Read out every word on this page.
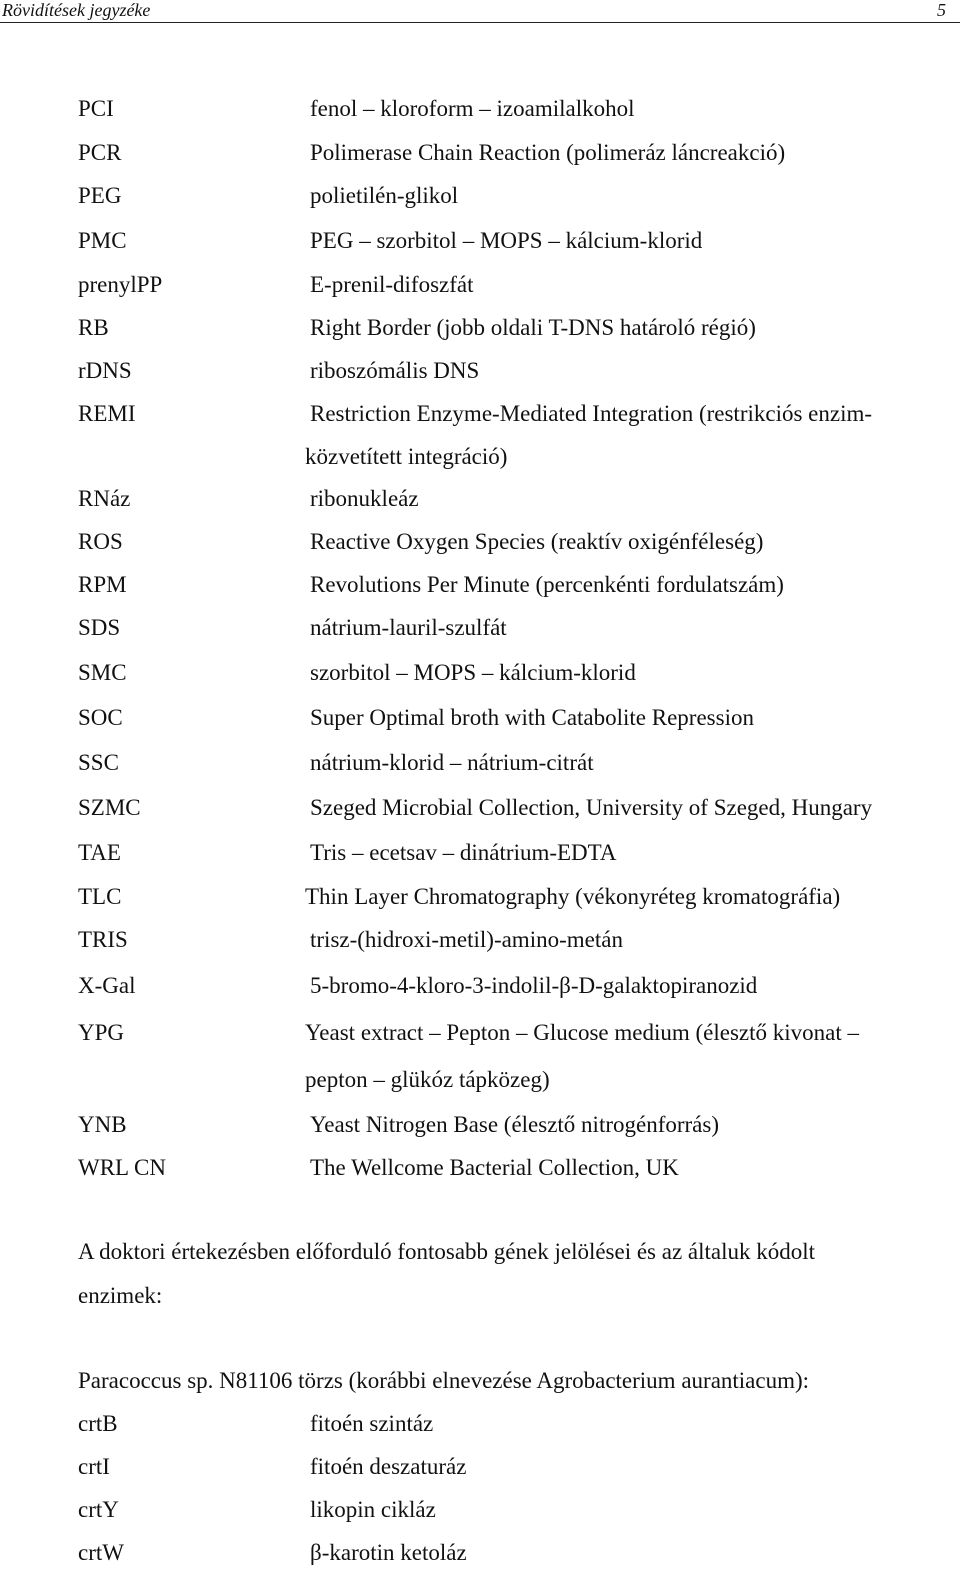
Rövidítések jegyzéke	5
PCI	fenol – kloroform – izoamilalkohol
PCR	Polimerase Chain Reaction (polimeráz láncreakció)
PEG	polietilén-glikol
PMC	PEG – szorbitol – MOPS – kálcium-klorid
prenylPP	E-prenil-difoszfát
RB	Right Border (jobb oldali T-DNS határoló régió)
rDNS	riboszómális DNS
REMI	Restriction Enzyme-Mediated Integration (restrikciós enzim-
közvetített integráció)
RNáz	ribonukleáz
ROS	Reactive Oxygen Species (reaktív oxigénféleség)
RPM	Revolutions Per Minute (percenkénti fordulatszám)
SDS	nátrium-lauril-szulfát
SMC	szorbitol – MOPS – kálcium-klorid
SOC	Super Optimal broth with Catabolite Repression
SSC	nátrium-klorid – nátrium-citrát
SZMC	Szeged Microbial Collection, University of Szeged, Hungary
TAE	Tris – ecetsav – dinátrium-EDTA
TLC	Thin Layer Chromatography (vékonyréteg kromatográfia)
TRIS	trisz-(hidroxi-metil)-amino-metán
X-Gal	5-bromo-4-kloro-3-indolil-β-D-galaktopiranozid
YPG	Yeast extract – Pepton – Glucose medium (élesztő kivonat –
pepton – glükóz tápközeg)
YNB	Yeast Nitrogen Base (élesztő nitrogénforrás)
WRL CN	The Wellcome Bacterial Collection, UK
A doktori értekezésben előforduló fontosabb gének jelölései és az általuk kódolt
enzimek:
Paracoccus sp. N81106 törzs (korábbi elnevezése Agrobacterium aurantiacum):
crtB	fitoén szintáz
crtI	fitoén deszaturáz
crtY	likopin cikláz
crtW	β-karotin ketoláz
